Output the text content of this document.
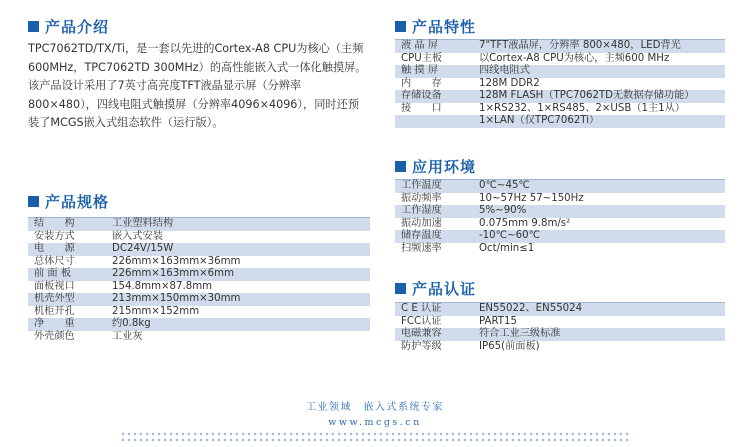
产品介绍
TPC7062TD/TX/Ti，是一套以先进的Cortex-A8 CPU为核心（主频600MHz，TPC7062TD 300MHz）的高性能嵌入式一体化触摸屏。该产品设计采用了7英寸高亮度TFT液晶显示屏（分辨率800×480），四线电阻式触摸屏（分辨率4096×4096），同时还预装了MCGS嵌入式组态软件（运行版）。
产品规格
结　　构	工业塑料结构
安装方式	嵌入式安装
电　　源	DC24V/15W
总体尺寸	226mm×163mm×36mm
前 面 板	226mm×163mm×6mm
面板视口	154.8mm×87.8mm
机壳外型	213mm×150mm×30mm
机柜开孔	215mm×152mm
净　　重	约0.8kg
外壳颜色	工业灰
产品特性
液 晶 屏	7"TFT液晶屏，分辨率 800×480，LED背光
CPU主板	以Cortex-A8 CPU为核心，主频600 MHz
触 摸 屏	四线电阻式
内　　存	128M DDR2
存储设备	128M FLASH（TPC7062TD无数据存储功能）
接　　口	1×RS232、1×RS485、2×USB（1主1从）
	1×LAN（仅TPC7062Ti）
应用环境
工作温度	0℃~45℃
振动频率	10~57Hz 57~150Hz
工作湿度	5%~90%
振动加速	0.075mm 9.8m/s²
储存温度	-10℃~60℃
扫频速率	Oct/min≤1
产品认证
C E 认证	EN55022、EN55024
FCC认证	PART15
电磁兼容	符合工业三级标准
防护等级	IP65(前面板)
工业领域　嵌入式系统专家
www.mcgs.cn
